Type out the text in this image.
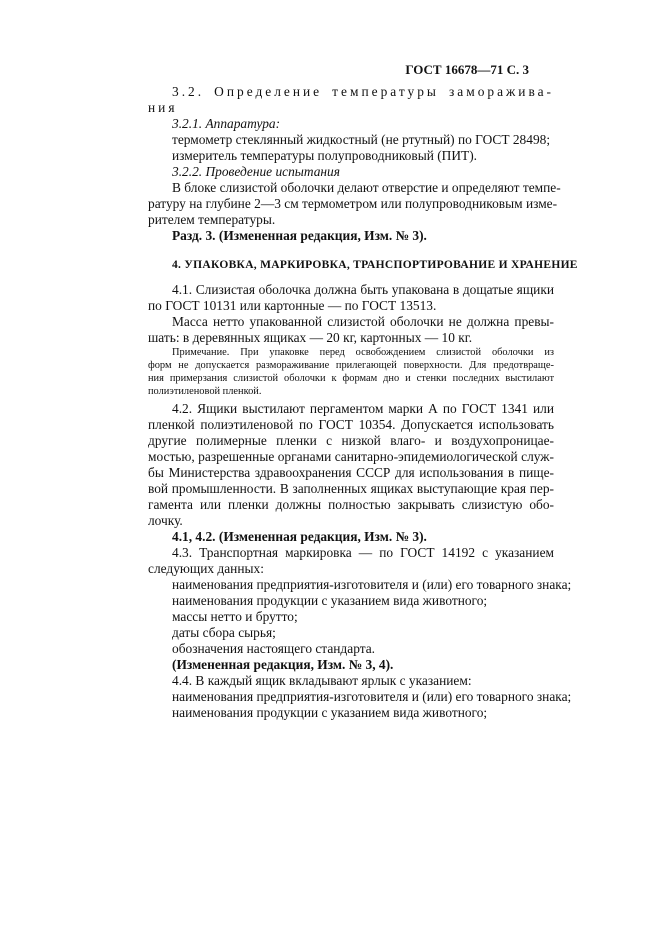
ГОСТ 16678—71 С. 3
3.2. Определение температуры заморажива-
ния
3.2.1. Аппаратура:
термометр стеклянный жидкостный (не ртутный) по ГОСТ 28498;
измеритель температуры полупроводниковый (ПИТ).
3.2.2. Проведение испытания
В блоке слизистой оболочки делают отверстие и определяют темпе-
ратуру на глубине 2—3 см термометром или полупроводниковым изме-
рителем температуры.
Разд. 3. (Измененная редакция, Изм. № 3).
4. УПАКОВКА, МАРКИРОВКА, ТРАНСПОРТИРОВАНИЕ И ХРАНЕНИЕ
4.1. Слизистая оболочка должна быть упакована в дощатые ящики
по ГОСТ 10131 или картонные — по ГОСТ 13513.
Масса нетто упакованной слизистой оболочки не должна превы-
шать: в деревянных ящиках — 20 кг, картонных — 10 кг.
Примечание. При упаковке перед освобождением слизистой оболочки из
форм не допускается размораживание прилегающей поверхности. Для предотвраще-
ния примерзания слизистой оболочки к формам дно и стенки последних выстилают
полиэтиленовой пленкой.
4.2. Ящики выстилают пергаментом марки А по ГОСТ 1341 или
пленкой полиэтиленовой по ГОСТ 10354. Допускается использовать
другие полимерные пленки с низкой влаго- и воздухопроницае-
мостью, разрешенные органами санитарно-эпидемиологической служ-
бы Министерства здравоохранения СССР для использования в пище-
вой промышленности. В заполненных ящиках выступающие края пер-
гамента или пленки должны полностью закрывать слизистую обо-
лочку.
4.1, 4.2. (Измененная редакция, Изм. № 3).
4.3. Транспортная маркировка — по ГОСТ 14192 с указанием
следующих данных:
наименования предприятия-изготовителя и (или) его товарного знака;
наименования продукции с указанием вида животного;
массы нетто и брутто;
даты сбора сырья;
обозначения настоящего стандарта.
(Измененная редакция, Изм. № 3, 4).
4.4. В каждый ящик вкладывают ярлык с указанием:
наименования предприятия-изготовителя и (или) его товарного знака;
наименования продукции с указанием вида животного;
